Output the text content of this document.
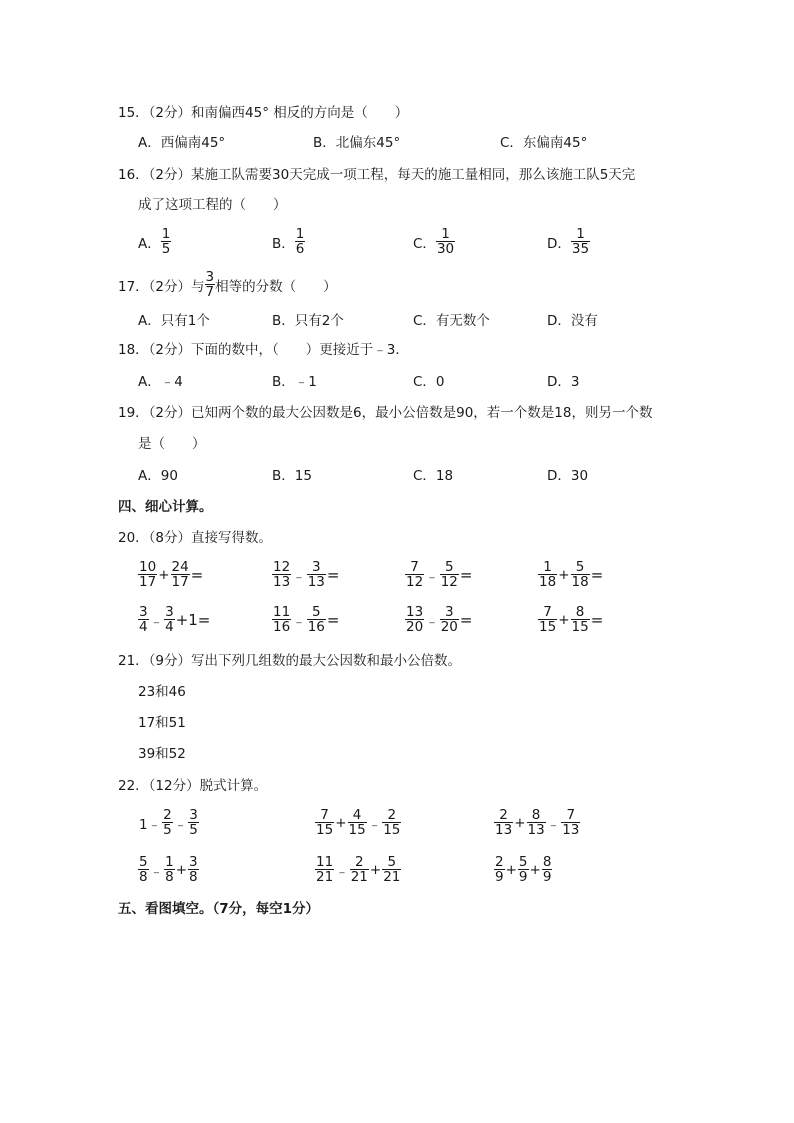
15．（2分）和南偏西45° 相反的方向是（　　）
A．西偏南45°	B．北偏东45°	C．东偏南45°
16．（2分）某施工队需要30天完成一项工程，每天的施工量相同，那么该施工队5天完
成了这项工程的（　　）
A． $\frac{1}{5}$	B． $\frac{1}{6}$	C． $\frac{1}{30}$	D． $\frac{1}{35}$
17．（2分）与 $\frac{3}{7}$ 相等的分数（　　）
A．只有1个	B．只有2个	C．有无数个	D．没有
18．（2分）下面的数中，（　　）更接近于﹣3．
A．﹣4	B．﹣1	C．0	D．3
19．（2分）已知两个数的最大公因数是6，最小公倍数是90，若一个数是18，则另一个数
是（　　）
A．90	B．15	C．18	D．30
四、细心计算。
20．（8分）直接写得数。
$\frac{10}{17} + \frac{24}{17}$ =	$\frac{12}{13}$ ﹣ $\frac{3}{13}$ =	$\frac{7}{12}$ ﹣ $\frac{5}{12}$ =	$\frac{1}{18} + \frac{5}{18}$ =
$\frac{3}{4}$ ﹣ $\frac{3}{4} +1=$	$\frac{11}{16}$ ﹣ $\frac{5}{16}$ =	$\frac{13}{20}$ ﹣ $\frac{3}{20}$ =	$\frac{7}{15} + \frac{8}{15}$ =
21．（9分）写出下列几组数的最大公因数和最小公倍数。
23和46
17和51
39和52
22．（12分）脱式计算。
1﹣ $\frac{2}{5}$ ﹣ $\frac{3}{5}$	$\frac{7}{15} + \frac{4}{15}$ ﹣ $\frac{2}{15}$	$\frac{2}{13} + \frac{8}{13}$ ﹣ $\frac{7}{13}$
$\frac{5}{8}$ ﹣ $\frac{1}{8} + \frac{3}{8}$	$\frac{11}{21}$ ﹣ $\frac{2}{21} + \frac{5}{21}$	$\frac{2}{9} + \frac{5}{9} + \frac{8}{9}$
五、看图填空。（7分，每空1分）
